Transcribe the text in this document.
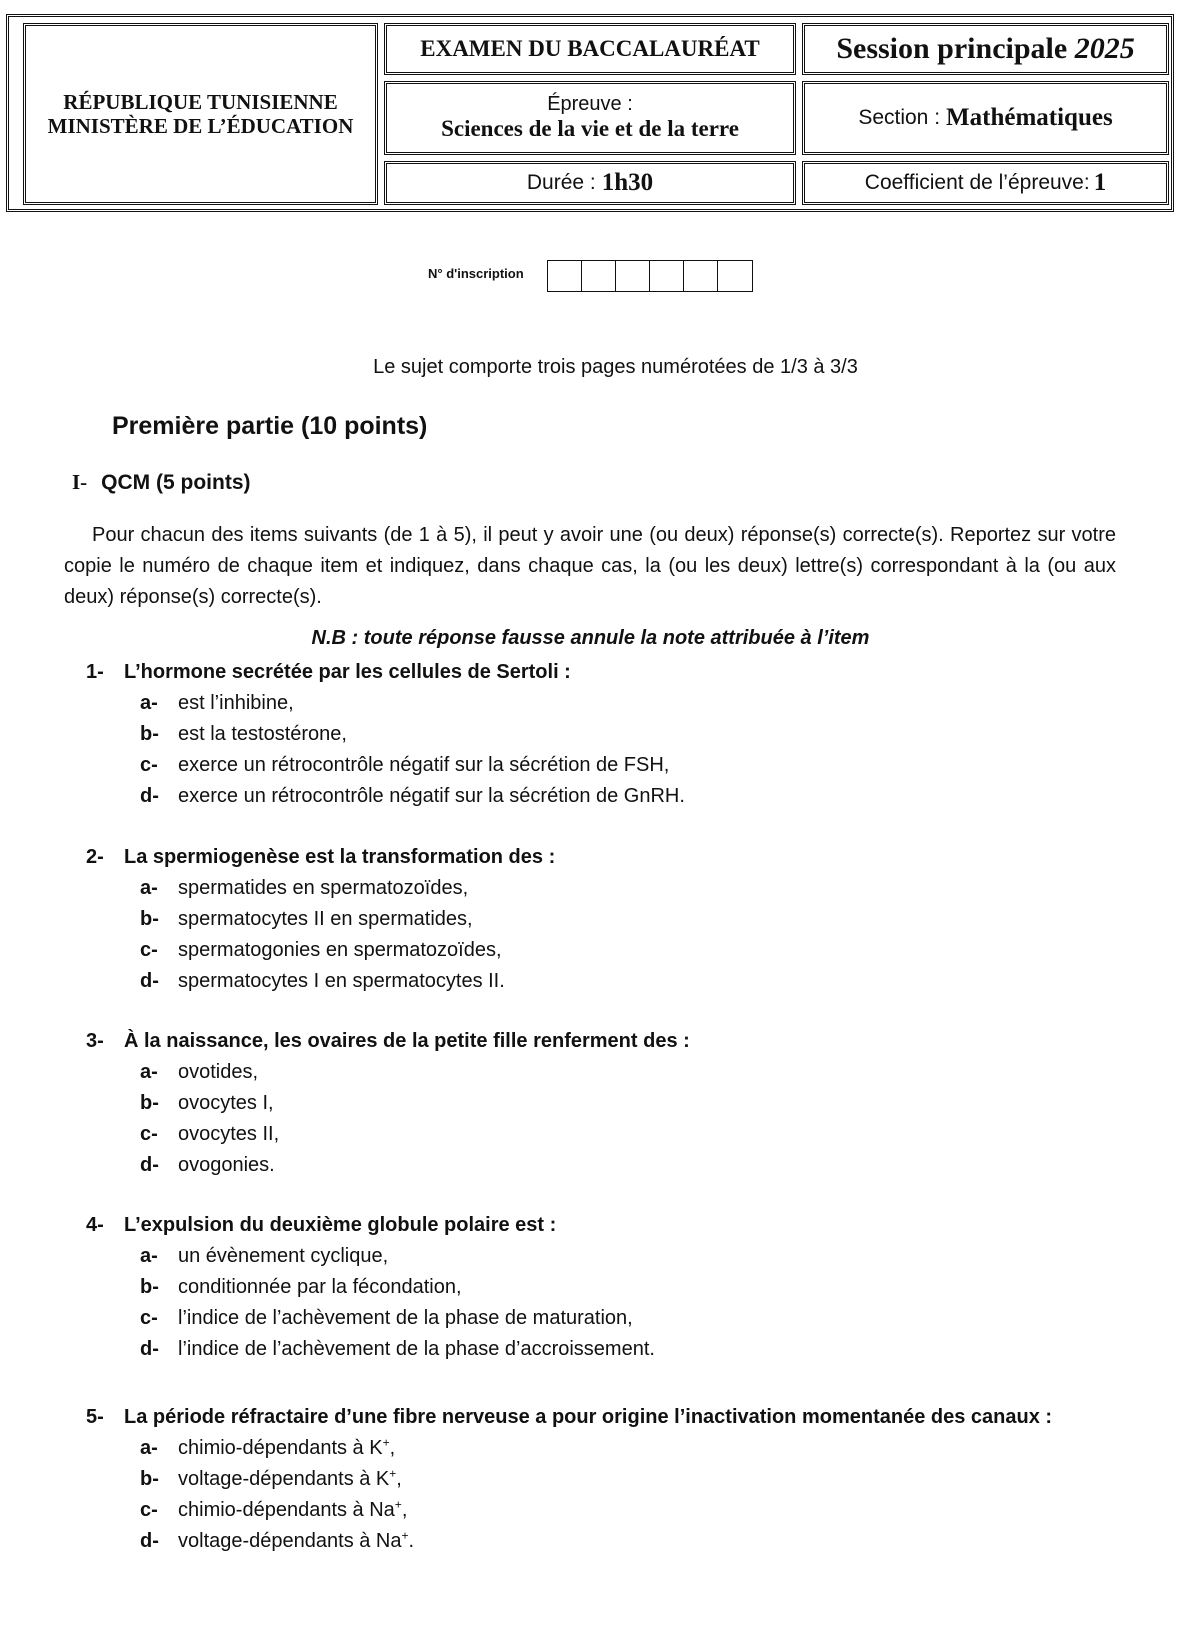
RÉPUBLIQUE TUNISIENNE
MINISTÈRE DE L’ÉDUCATION
EXAMEN DU BACCALAURÉAT	Session principale 2025
Épreuve :
Sciences de la vie et de la terre	Section : Mathématiques
Durée : 1h30	Coefficient de l’épreuve: 1
N° d'inscription
Le sujet comporte trois pages numérotées de 1/3 à 3/3
Première partie (10 points)
I- QCM (5 points)
Pour chacun des items suivants (de 1 à 5), il peut y avoir une (ou deux) réponse(s) correcte(s). Reportez sur votre copie le numéro de chaque item et indiquez, dans chaque cas, la (ou les deux) lettre(s) correspondant à la (ou aux deux) réponse(s) correcte(s).
N.B : toute réponse fausse annule la note attribuée à l’item
1-	L’hormone secrétée par les cellules de Sertoli :
a-	est l’inhibine,
b- est la testostérone,
c-	exerce un rétrocontrôle négatif sur la sécrétion de FSH,
d- exerce un rétrocontrôle négatif sur la sécrétion de GnRH.
2-	La spermiogenèse est la transformation des :
a-	spermatides en spermatozoïdes,
b- spermatocytes II en spermatides,
c-	spermatogonies en spermatozoïdes,
d- spermatocytes I en spermatocytes II.
3-	À la naissance, les ovaires de la petite fille renferment des :
a-	ovotides,
b- ovocytes I,
c-	ovocytes II,
d- ovogonies.
4-	L’expulsion du deuxième globule polaire est :
a-	un évènement cyclique,
b- conditionnée par la fécondation,
c-	l’indice de l’achèvement de la phase de maturation,
d- l’indice de l’achèvement de la phase d’accroissement.
5-	La période réfractaire d’une fibre nerveuse a pour origine l’inactivation momentanée des canaux :
a-	chimio-dépendants à K+,
b- voltage-dépendants à K+,
c-	chimio-dépendants à Na+,
d- voltage-dépendants à Na+.
